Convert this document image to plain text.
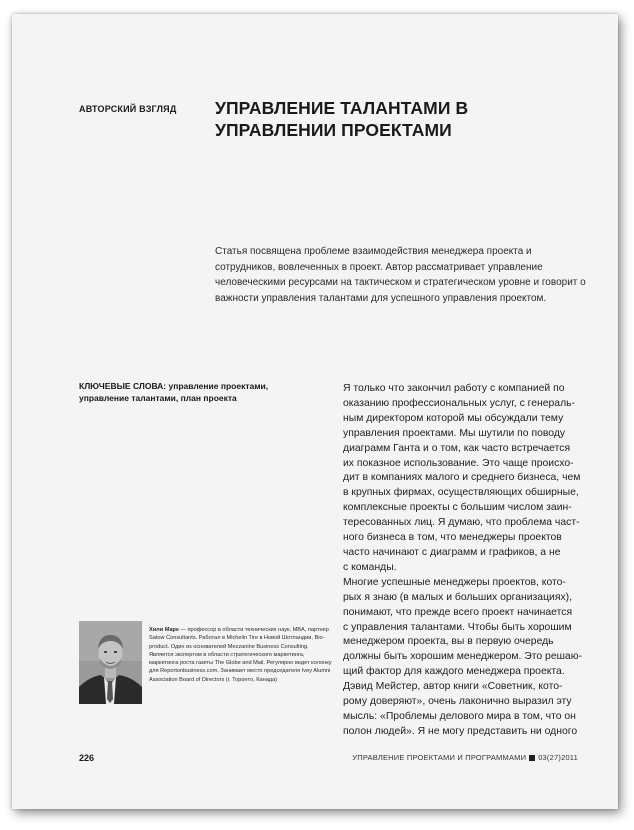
АВТОРСКИЙ ВЗГЛЯД	УПРАВЛЕНИЕ ТАЛАНТАМИ В УПРАВЛЕНИИ ПРОЕКТАМИ

Статья посвящена проблеме взаимодействия менеджера проекта и сотрудников, вовлеченных в проект. Автор рассматривает управление человеческими ресурсами на тактическом и стратегическом уровне и говорит о важности управления талантами для успешного управления проектом.

КЛЮЧЕВЫЕ СЛОВА: управление проектами, управление талантами, план проекта

Я только что закончил работу с компанией по
оказанию профессиональных услуг, с генераль-
ным директором которой мы обсуждали тему
управления проектами. Мы шутили по поводу
диаграмм Ганта и о том, как часто встречается
их показное использование. Это чаще происхо-
дит в компаниях малого и среднего бизнеса, чем
в крупных фирмах, осуществляющих обширные,
комплексные проекты с большим числом заин-
тересованных лиц. Я думаю, что проблема част-
ного бизнеса в том, что менеджеры проектов
часто начинают с диаграмм и графиков, а не
с команды.

Многие успешные менеджеры проектов, кото-
рых я знаю (в малых и больших организациях),
понимают, что прежде всего проект начинается
с управления талантами. Чтобы быть хорошим
менеджером проекта, вы в первую очередь
должны быть хорошим менеджером. Это решаю-
щий фактор для каждого менеджера проекта.

Дэвид Мейстер, автор книги «Советник, кото-
рому доверяют», очень лаконично выразил эту
мысль: «Проблемы делового мира в том, что он
полон людей». Я не могу представить ни одного

Хили Марк — профессор в области технических наук, MBA, партнер Satow Consultants. Работал в Michelin Tire в Новой Шотландии, Bio-product. Один из основателей Mezzanine Business Consulting. Является экспертом в области стратегического маркетинга, маркетинга роста газеты The Globe and Mail. Регулярно ведет колонку для Reportonbusiness.com. Занимает место председателя Ivey Alumni Association Board of Directors (г. Торонто, Канада)
226	УПРАВЛЕНИЕ ПРОЕКТАМИ И ПРОГРАММАМИ 03(27)2011
